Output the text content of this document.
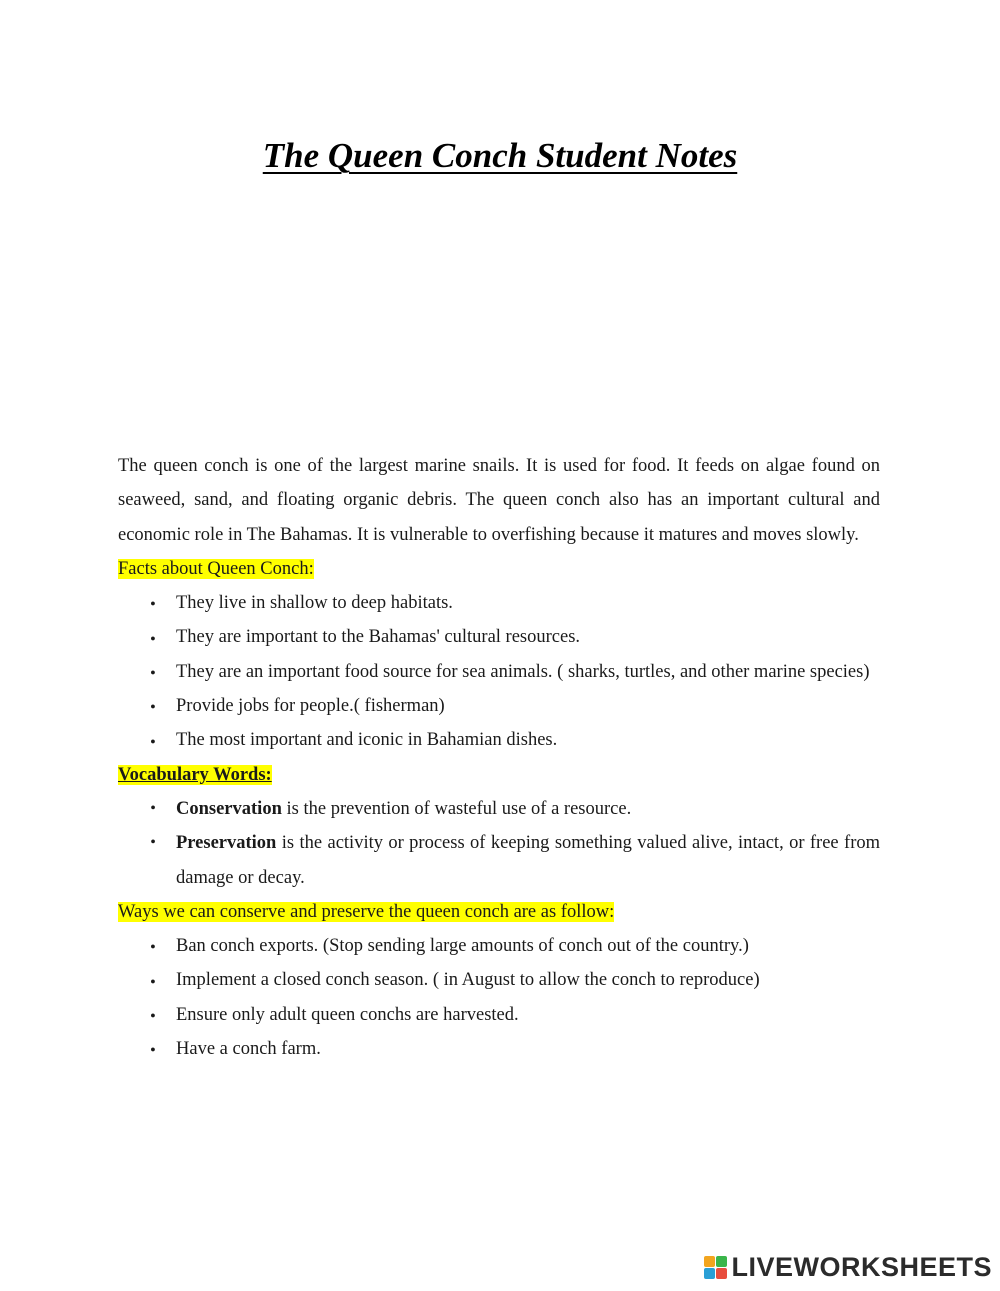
The Queen Conch Student Notes

The queen conch is one of the largest marine snails. It is used for food. It feeds on algae found on seaweed, sand, and floating organic debris. The queen conch also has an important cultural and economic role in The Bahamas. It is vulnerable to overfishing because it matures and moves slowly.

Facts about Queen Conch:

●
They live in shallow to deep habitats.
●
They are important to the Bahamas' cultural resources.
●
They are an important food source for sea animals. ( sharks, turtles, and other marine species)
●
Provide jobs for people.( fisherman)
●
The most important and iconic in Bahamian dishes.

Vocabulary Words:

•
Conservation is the prevention of wasteful use of a resource.
•
Preservation is the activity or process of keeping something valued alive, intact, or free from damage or decay.

Ways we can conserve and preserve the queen conch are as follow:

●
Ban conch exports. (Stop sending large amounts of conch out of the country.)
●
Implement a closed conch season. ( in August to allow the conch to reproduce)
●
Ensure only adult queen conchs are harvested.
●
Have a conch farm.
LIVEWORKSHEETS
